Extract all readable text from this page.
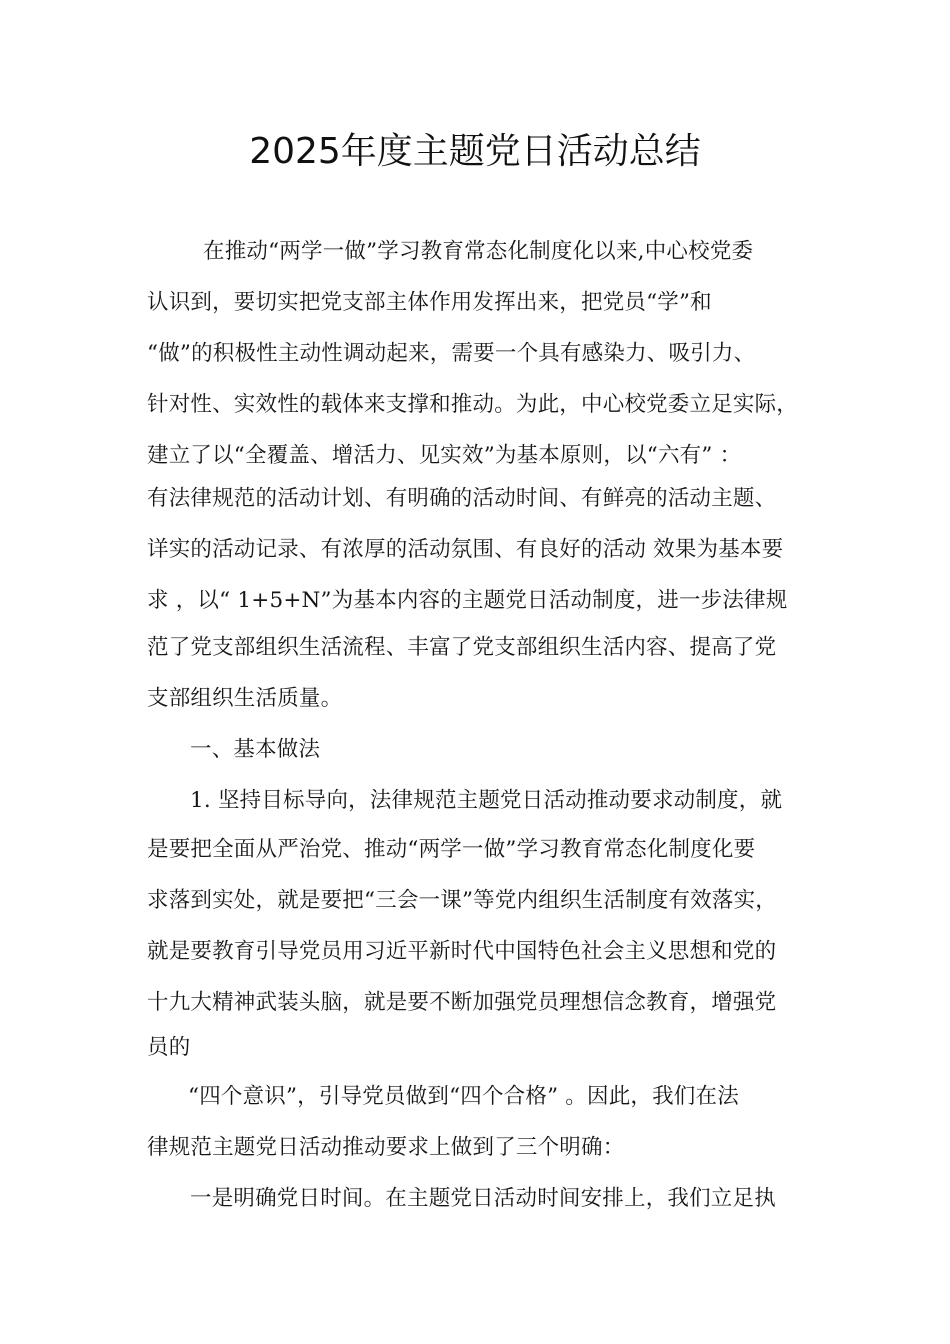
2025年度主题党日活动总结
在推动“两学一做”学习教育常态化制度化以来,中心校党委
认识到，要切实把党支部主体作用发挥出来，把党员“学”和
“做”的积极性主动性调动起来，需要一个具有感染力、吸引力、
针对性、实效性的载体来支撑和推动。为此，中心校党委立足实际，
建立了以“全覆盖、增活力、见实效”为基本原则，以“六有” ：
有法律规范的活动计划、有明确的活动时间、有鲜亮的活动主题、
详实的活动记录、有浓厚的活动氛围、有良好的活动 效果为基本要
求 ，以“ 1+5+N”为基本内容的主题党日活动制度，进一步法律规
范了党支部组织生活流程、丰富了党支部组织生活内容、提高了党
支部组织生活质量。
一、基本做法
1. 坚持目标导向，法律规范主题党日活动推动要求动制度，就
是要把全面从严治党、推动“两学一做”学习教育常态化制度化要
求落到实处，就是要把“三会一课”等党内组织生活制度有效落实，
就是要教育引导党员用习近平新时代中国特色社会主义思想和党的
十九大精神武装头脑，就是要不断加强党员理想信念教育，增强党
员的
“四个意识”，引导党员做到“四个合格” 。因此，我们在法
律规范主题党日活动推动要求上做到了三个明确：
一是明确党日时间。在主题党日活动时间安排上，我们立足执
